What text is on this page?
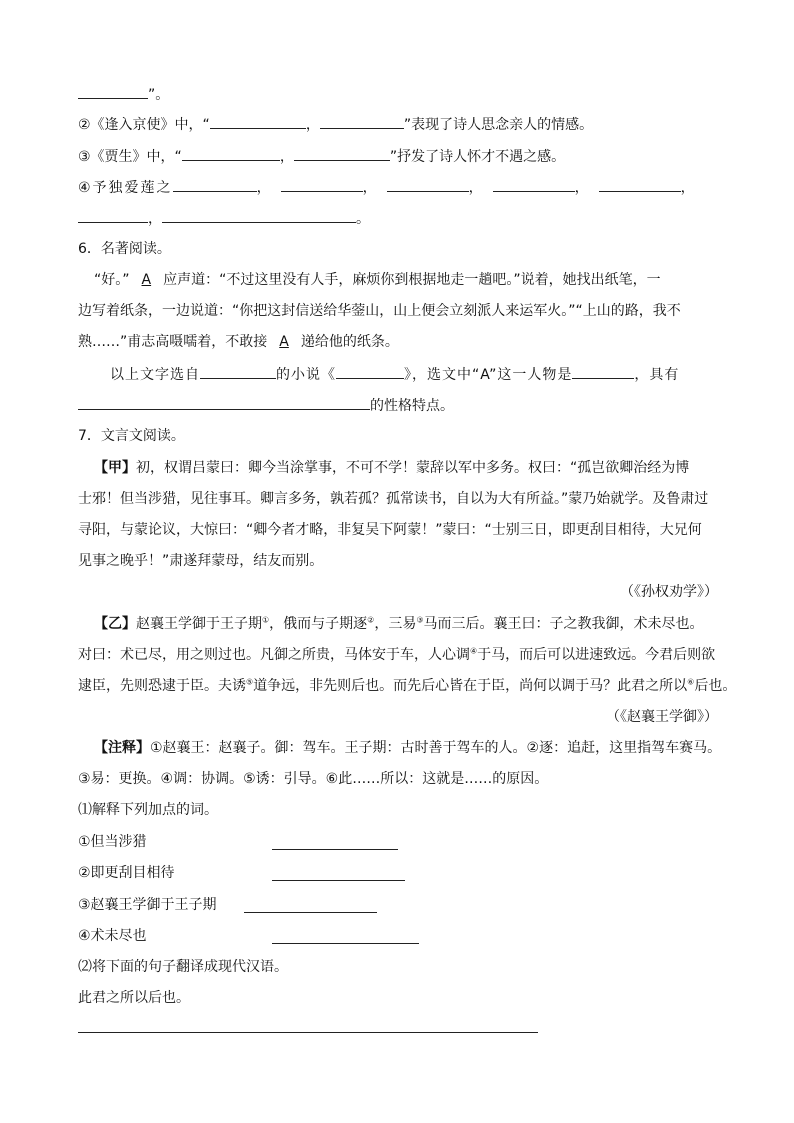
”。
②《逢入京使》中，“	，	”表现了诗人思念亲人的情感。
③《贾生》中，“	，	”抒发了诗人怀才不遇之感。
④予独爱莲之	，	，	，	，	，
，	。
6．名著阅读。
“好。” A 应声道：“不过这里没有人手，麻烦你到根据地走一趟吧。”说着，她找出纸笔，一
边写着纸条，一边说道：“你把这封信送给华蓥山，山上便会立刻派人来运军火。”“上山的路，我不
熟……”甫志高嗫嚅着，不敢接 A 递给他的纸条。
以上文字选自	的小说《	》，选文中“A”这一人物是	，具有
的性格特点。
7．文言文阅读。
【甲】初，权谓吕蒙曰：卿今当涂掌事，不可不学！蒙辞以军中多务。权曰：“孤岂欲卿治经为博
士邪！但当涉猎，见往事耳。卿言多务，孰若孤？孤常读书，自以为大有所益。”蒙乃始就学。及鲁肃过
寻阳，与蒙论议，大惊曰：“卿今者才略，非复吴下阿蒙！”蒙曰：“士别三日，即更刮目相待，大兄何
见事之晚乎！”肃遂拜蒙母，结友而别。
（《孙权劝学》）
【乙】赵襄王学御于王子期①，俄而与子期逐②，三易③马而三后。襄王曰：子之教我御，术未尽也。
对曰：术已尽，用之则过也。凡御之所贵，马体安于车，人心调④于马，而后可以进速致远。今君后则欲
逮臣，先则恐逮于臣。夫诱⑤道争远，非先则后也。而先后心皆在于臣，尚何以调于马？此君之所以⑥后也。
（《赵襄王学御》）
【注释】①赵襄王：赵襄子。御：驾车。王子期：古时善于驾车的人。②逐：追赶，这里指驾车赛马。
③易：更换。④调：协调。⑤诱：引导。⑥此……所以：这就是……的原因。
⑴解释下列加点的词。
①但当涉猎
②即更刮目相待
③赵襄王学御于王子期
④术未尽也
⑵将下面的句子翻译成现代汉语。
此君之所以后也。
